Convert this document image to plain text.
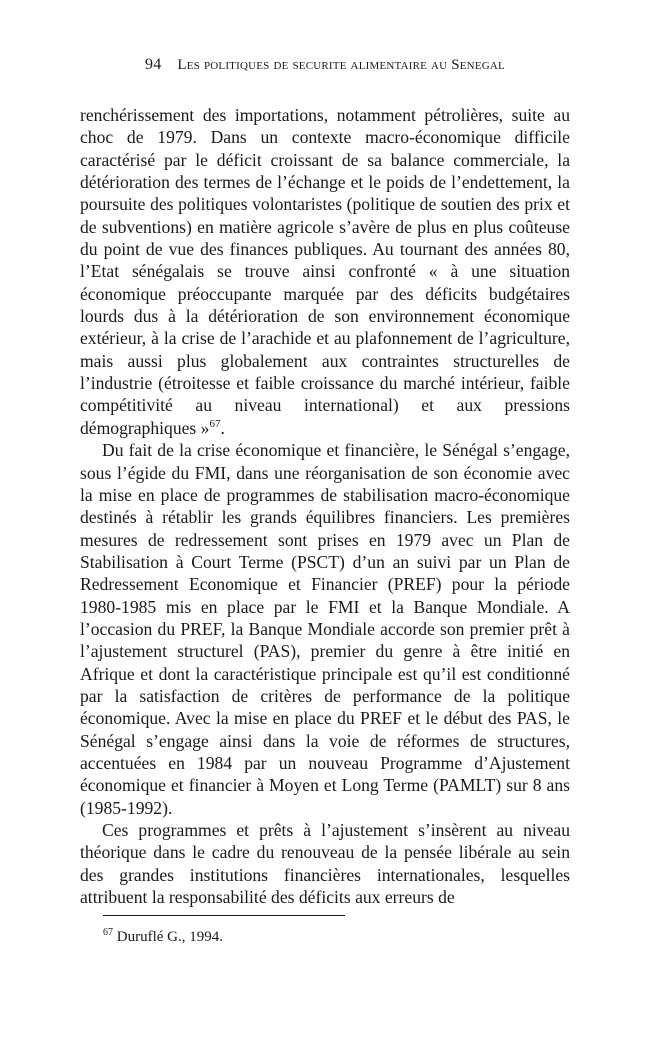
94 Les politiques de securite alimentaire au Senegal

renchérissement des importations, notamment pétrolières, suite au choc de 1979. Dans un contexte macro-économique difficile caractérisé par le déficit croissant de sa balance commerciale, la détérioration des termes de l’échange et le poids de l’endettement, la poursuite des politiques volontaristes (politique de soutien des prix et de subventions) en matière agricole s’avère de plus en plus coûteuse du point de vue des finances publiques. Au tournant des années 80, l’Etat sénégalais se trouve ainsi confronté « à une situation économique préoccupante marquée par des déficits budgétaires lourds dus à la détérioration de son environnement économique extérieur, à la crise de l’arachide et au plafonnement de l’agriculture, mais aussi plus globalement aux contraintes structurelles de l’industrie (étroitesse et faible croissance du marché intérieur, faible compétitivité au niveau international) et aux pressions démographiques »$^{67}$.

Du fait de la crise économique et financière, le Sénégal s’engage, sous l’égide du FMI, dans une réorganisation de son économie avec la mise en place de programmes de stabilisation macro-économique destinés à rétablir les grands équilibres financiers. Les premières mesures de redressement sont prises en 1979 avec un Plan de Stabilisation à Court Terme (PSCT) d’un an suivi par un Plan de Redressement Economique et Financier (PREF) pour la période 1980-1985 mis en place par le FMI et la Banque Mondiale. A l’occasion du PREF, la Banque Mondiale accorde son premier prêt à l’ajustement structurel (PAS), premier du genre à être initié en Afrique et dont la caractéristique principale est qu’il est conditionné par la satisfaction de critères de performance de la politique économique. Avec la mise en place du PREF et le début des PAS, le Sénégal s’engage ainsi dans la voie de réformes de structures, accentuées en 1984 par un nouveau Programme d’Ajustement économique et financier à Moyen et Long Terme (PAMLT) sur 8 ans (1985-1992).

Ces programmes et prêts à l’ajustement s’insèrent au niveau théorique dans le cadre du renouveau de la pensée libérale au sein des grandes institutions financières internationales, lesquelles attribuent la responsabilité des déficits aux erreurs de

$^{67}$ Duruflé G., 1994.
